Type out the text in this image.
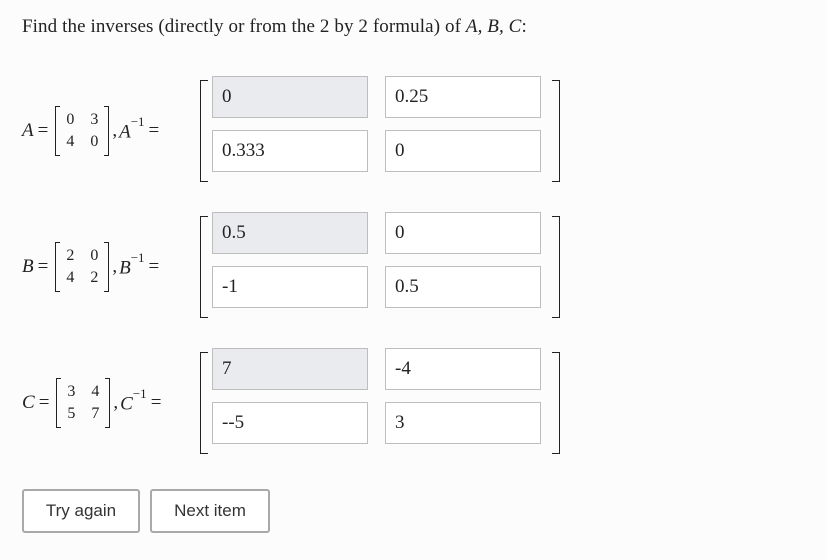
Find the inverses (directly or from the 2 by 2 formula) of A, B, C:
A =
0 3
4 0
, $A^{-1}$ =
0
0.25
0.333
0
B =
2 0
4 2
, $B^{-1}$ =
0.5
0
-1
0.5
C =
3 4
5 7
, $C^{-1}$ =
7
-4
--5
3
Try again	Next item
